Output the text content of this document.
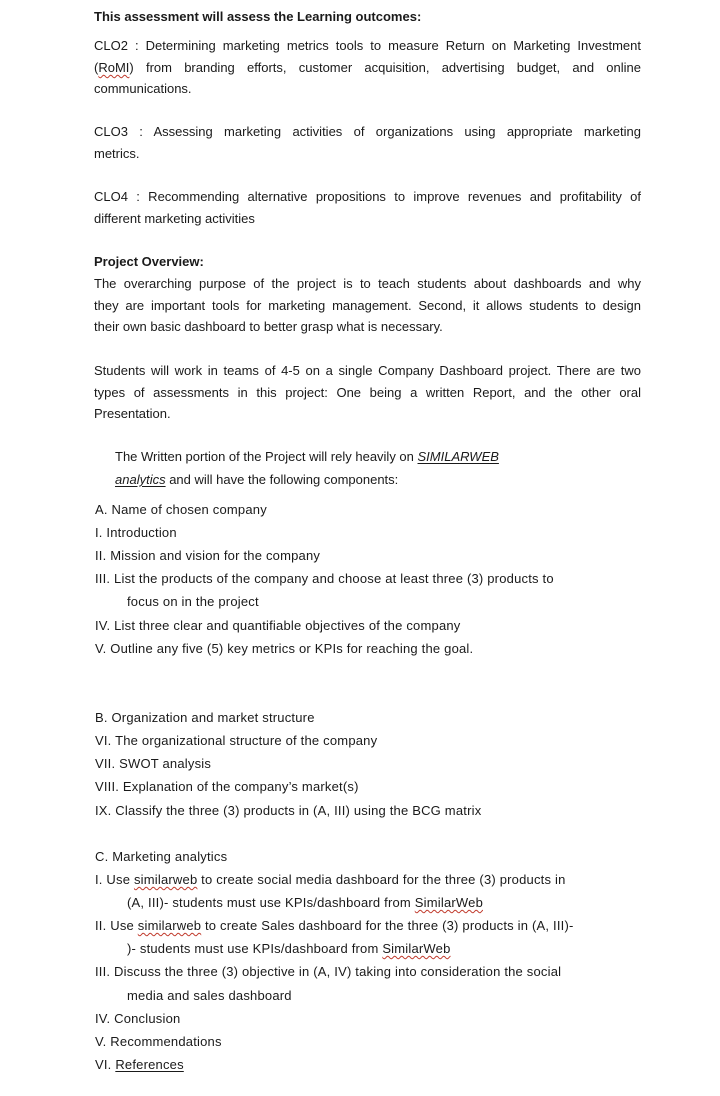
This assessment will assess the Learning outcomes:
CLO2 : Determining marketing metrics tools to measure Return on Marketing Investment
(RoMI) from branding efforts, customer acquisition, advertising budget, and online
communications.
CLO3 : Assessing marketing activities of organizations using appropriate marketing
metrics.
CLO4 : Recommending alternative propositions to improve revenues and profitability of
different marketing activities
Project Overview:
The overarching purpose of the project is to teach students about dashboards and why
they are important tools for marketing management. Second, it allows students to design
their own basic dashboard to better grasp what is necessary.
Students will work in teams of 4-5 on a single Company Dashboard project. There are two
types of assessments in this project: One being a written Report, and the other oral
Presentation.
The Written portion of the Project will rely heavily on SIMILARWEB
analytics and will have the following components:
A. Name of chosen company
I. Introduction
II. Mission and vision for the company
III. List the products of the company and choose at least three (3) products to
focus on in the project
IV. List three clear and quantifiable objectives of the company
V. Outline any five (5) key metrics or KPIs for reaching the goal.
B. Organization and market structure
VI. The organizational structure of the company
VII. SWOT analysis
VIII. Explanation of the company’s market(s)
IX. Classify the three (3) products in (A, III) using the BCG matrix
C. Marketing analytics
I. Use similarweb to create social media dashboard for the three (3) products in
(A, III)- students must use KPIs/dashboard from SimilarWeb
II. Use similarweb to create Sales dashboard for the three (3) products in (A, III)-
)- students must use KPIs/dashboard from SimilarWeb
III. Discuss the three (3) objective in (A, IV) taking into consideration the social
media and sales dashboard
IV. Conclusion
V. Recommendations
VI. References
